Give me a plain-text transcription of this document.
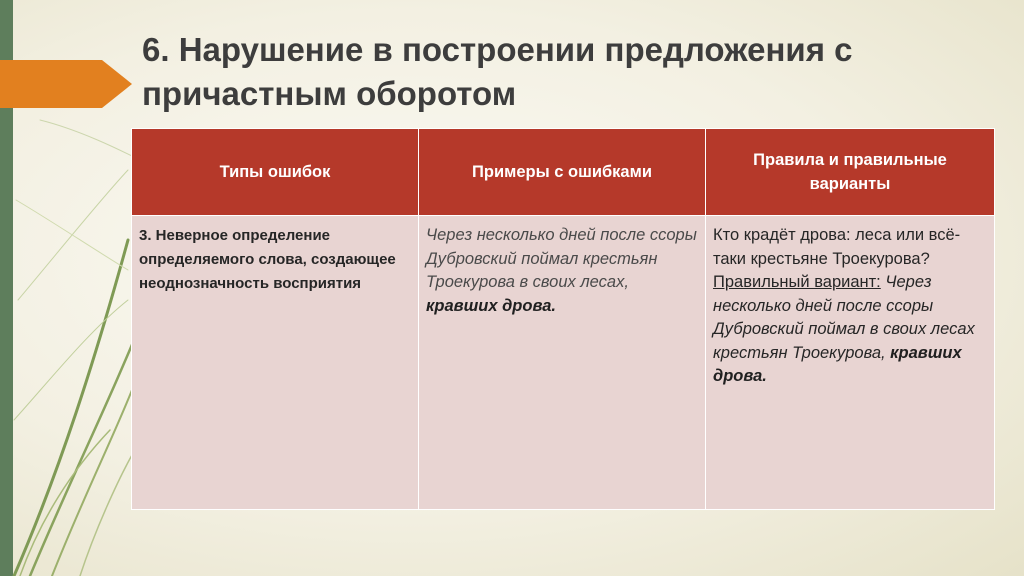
6. Нарушение в построении предложения с причастным оборотом
Типы ошибок	Примеры с ошибками	Правила и правильные варианты
3. Неверное определение определяемого слова, создающее неоднозначность восприятия	Через несколько дней после ссоры Дубровский поймал крестьян Троекурова в своих лесах, кравших дрова.	Кто крадёт дрова: леса или всё-таки крестьяне Троекурова? Правильный вариант: Через несколько дней после ссоры Дубровский поймал в своих лесах крестьян Троекурова, кравших дрова.
